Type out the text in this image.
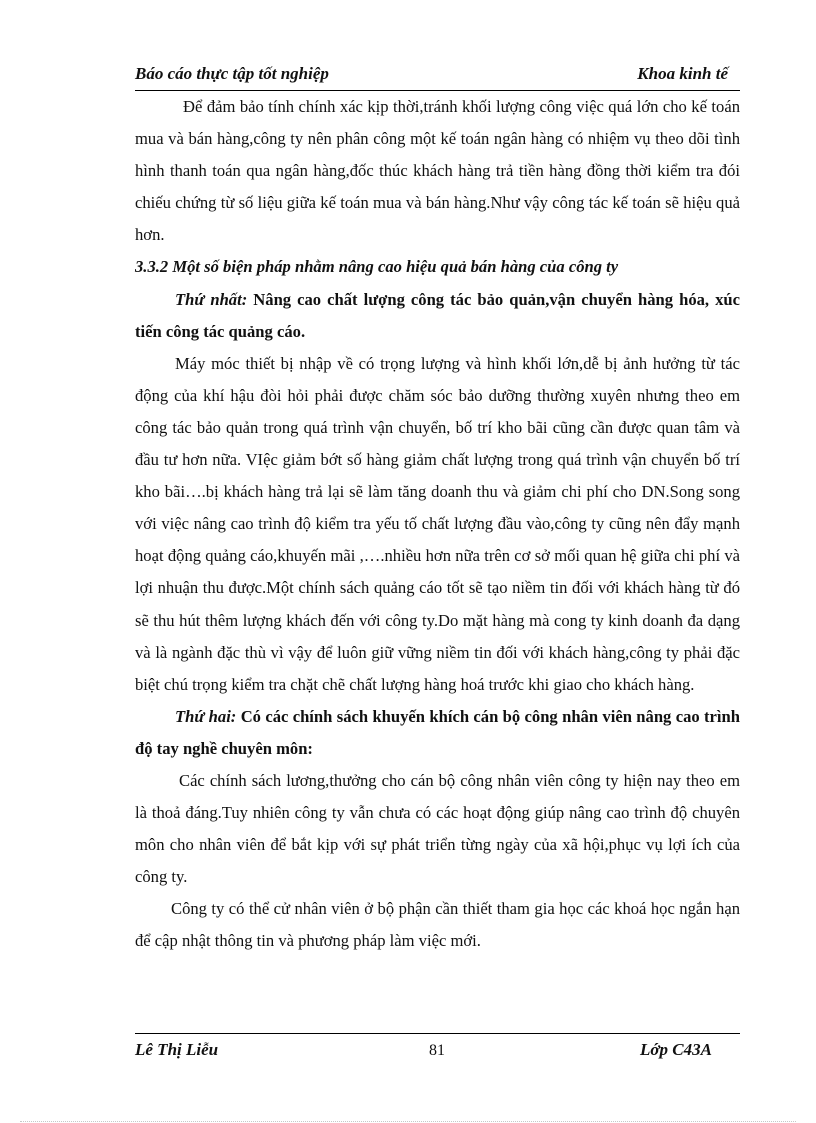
Báo cáo thực tập tốt nghiệp	Khoa kinh tế

Để đảm bảo tính chính xác kịp thời,tránh khối lượng công việc quá lớn cho kế toán mua và bán hàng,công ty nên phân công một kế toán ngân hàng có nhiệm vụ theo dõi tình hình thanh toán qua ngân hàng,đốc thúc khách hàng trả tiền hàng đồng thời kiểm tra đói chiếu chứng từ số liệu giữa kế toán mua và bán hàng.Như vậy công tác kế toán sẽ hiệu quả hơn.

3.3.2 Một số biện pháp nhằm nâng cao hiệu quả bán hàng của công ty

Thứ nhất: Nâng cao chất lượng công tác bảo quản,vận chuyển hàng hóa, xúc tiến công tác quảng cáo.

Máy móc thiết bị nhập về có trọng lượng và hình khối lớn,dễ bị ảnh hưởng từ tác động của khí hậu đòi hỏi phải được chăm sóc bảo dưỡng thường xuyên nhưng theo em công tác bảo quản trong quá trình vận chuyển, bố trí kho bãi cũng cần được quan tâm và đầu tư hơn nữa. VIệc giảm bớt số hàng giảm chất lượng trong quá trình vận chuyển bố trí kho bãi….bị khách hàng trả lại sẽ làm tăng doanh thu và giảm chi phí cho DN.Song song với việc nâng cao trình độ kiểm tra yếu tố chất lượng đầu vào,công ty cũng nên đẩy mạnh hoạt động quảng cáo,khuyến mãi ,….nhiều hơn nữa trên cơ sở mối quan hệ giữa chi phí và lợi nhuận thu được.Một chính sách quảng cáo tốt sẽ tạo niềm tin đối với khách hàng từ đó sẽ thu hút thêm lượng khách đến với công ty.Do mặt hàng mà cong ty kinh doanh đa dạng và là ngành đặc thù vì vậy để luôn giữ vững niềm tin đối với khách hàng,công ty phải đặc biệt chú trọng kiểm tra chặt chẽ chất lượng hàng hoá trước khi giao cho khách hàng.

Thứ hai: Có các chính sách khuyến khích cán bộ công nhân viên nâng cao trình độ tay nghề chuyên môn:

Các chính sách lương,thưởng cho cán bộ công nhân viên công ty hiện nay theo em là thoả đáng.Tuy nhiên công ty vẫn chưa có các hoạt động giúp nâng cao trình độ chuyên môn cho nhân viên để bắt kịp với sự phát triển từng ngày của xã hội,phục vụ lợi ích của công ty.

Công ty có thể cử nhân viên ở bộ phận cần thiết tham gia học các khoá học ngắn hạn để cập nhật thông tin và phương pháp làm việc mới.

Lê Thị Liễu	81	Lớp C43A
